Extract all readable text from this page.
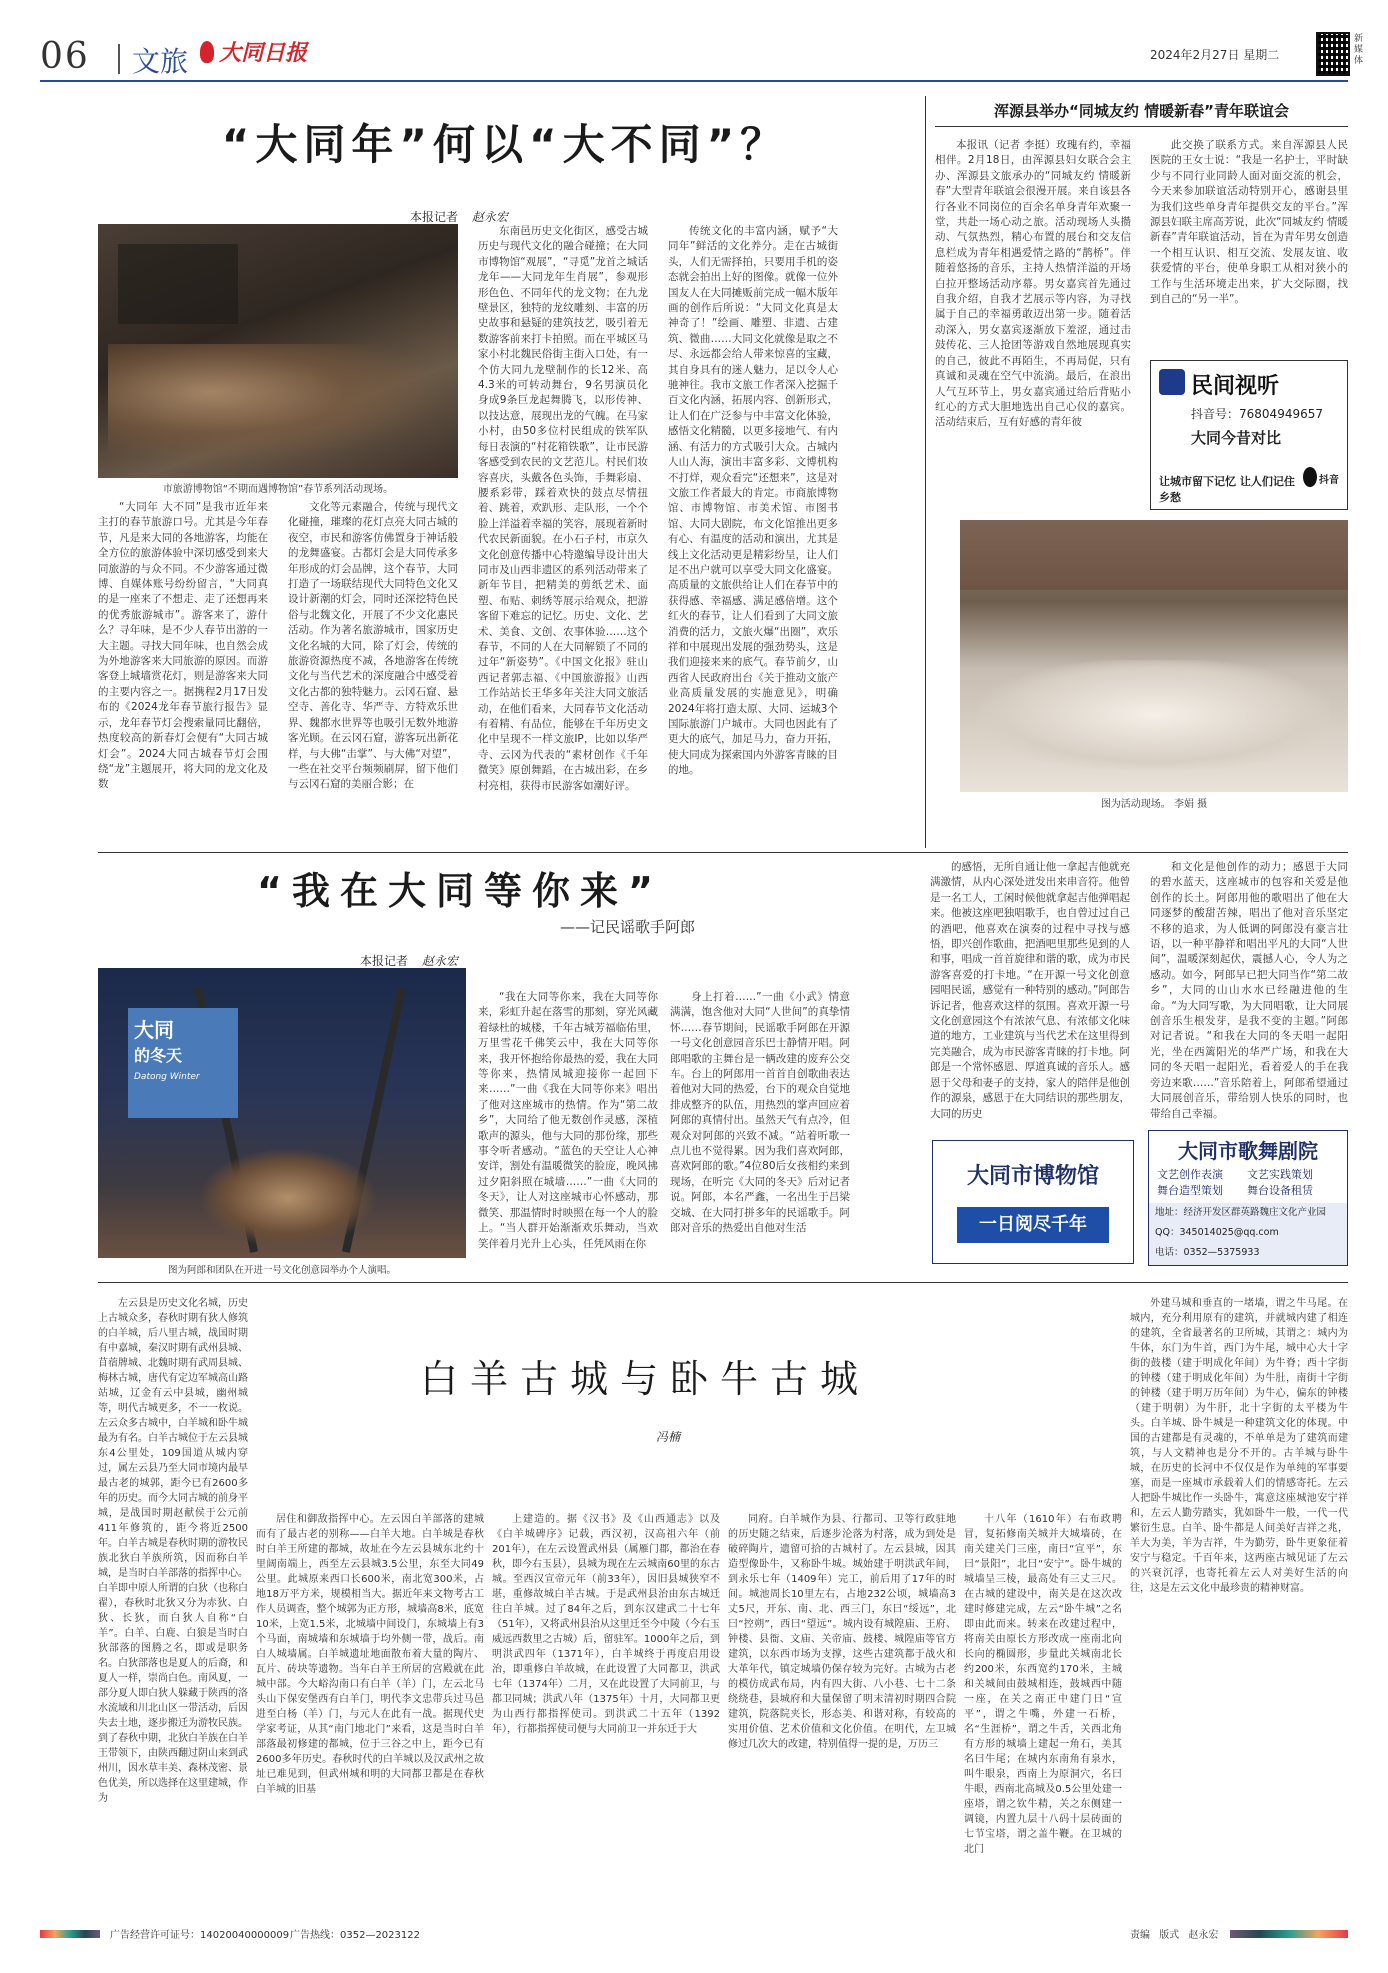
06 文旅	大同日报	2024年2月27日 星期二
新媒体
“大同年”何以“大不同”？
本报记者 赵永宏
市旅游博物馆“不期而遇博物馆”春节系列活动现场。

“大同年 大不同”是我市近年来主打的春节旅游口号。尤其是今年春节，凡是来大同的各地游客，均能在全方位的旅游体验中深切感受到来大同旅游的与众不同。不少游客通过微博、自媒体账号纷纷留言，“大同真的是一座来了不想走、走了还想再来的优秀旅游城市”。游客来了，游什么？寻年味，是不少人春节出游的一大主题。寻找大同年味，也自然会成为外地游客来大同旅游的原因。而游客登上城墙赏花灯，则是游客来大同的主要内容之一。据携程2月17日发布的《2024龙年春节旅行报告》显示，龙年春节灯会搜索量同比翻倍，热度较高的新春灯会便有“大同古城灯会”。2024大同古城春节灯会围绕“龙”主题展开，将大同的龙文化及数

文化等元素融合，传统与现代文化碰撞，璀璨的花灯点亮大同古城的夜空，市民和游客仿佛置身于神话般的龙舞盛宴。古都灯会是大同传承多年形成的灯会品牌，这个春节，大同打造了一场联结现代大同特色文化又设计新潮的灯会，同时还深挖特色民俗与北魏文化，开展了不少文化惠民活动。作为著名旅游城市，国家历史文化名城的大同，除了灯会，传统的旅游资源热度不减，各地游客在传统文化与当代艺术的深度融合中感受着文化古都的独特魅力。云冈石窟、悬空寺、善化寺、华严寺、方特欢乐世界、魏都水世界等也吸引无数外地游客光顾。在云冈石窟，游客玩出新花样，与大佛“击掌”、与大佛“对望”，一些在社交平台频频刷屏，留下他们与云冈石窟的美丽合影；在

东南邑历史文化街区，感受古城历史与现代文化的融合碰撞；在大同市博物馆“观展”，“寻觅”龙首之城话龙年——大同龙年生肖展”，参观形形色色、不同年代的龙文物；在九龙壁景区，独特的龙纹雕刻、丰富的历史故事和悬疑的建筑技艺，吸引着无数游客前来打卡拍照。而在平城区马家小村北魏民俗街主街入口处，有一个仿大同九龙壁制作的长12米、高4.3米的可转动舞台，9名男演员化身成9条巨龙起舞腾飞，以形传神、以技达意，展现出龙的气魄。在马家小村，由50多位村民组成的铁军队每日表演的“村花箱铁歌”，让市民游客感受到农民的文艺范儿。村民们妆容喜庆，头戴各色头饰，手舞彩扇、腰系彩带，踩着欢快的鼓点尽情扭着、跳着，欢趴形、走队形，一个个脸上洋溢着幸福的笑容，展现着新时代农民新面貌。在小石子村，市京久文化创意传播中心特邀编导设计出大同市及山西非遗区的系列活动带来了新年节目，把精美的剪纸艺术、面塑、布贴、刺绣等展示给观众，把游客留下难忘的记忆。历史、文化、艺术、美食、文创、农事体验……这个春节，不同的人在大同解锁了不同的过年“新姿势”。《中国文化报》驻山西记者郭志福、《中国旅游报》山西工作站站长王华多年关注大同文旅活动，在他们看来，大同春节文化活动有着精、有品位，能够在千年历史文化中呈现不一样文旅IP，比如以华严寺、云冈为代表的“素材创作《千年微笑》原创舞蹈，在古城出彩，在乡村亮相，获得市民游客如潮好评。

传统文化的丰富内涵，赋予“大同年”鲜活的文化养分。走在古城街头，人们无需择拍，只要用手机的姿态就会拍出上好的图像。就像一位外国友人在大同摊贩前完成一幅木版年画的创作后所说：“大同文化真是太神奇了！”绘画、雕塑、非遗、古建筑、微曲……大同文化就像是取之不尽、永远都会给人带来惊喜的宝藏，其自身具有的迷人魅力，足以令人心驰神往。我市文旅工作者深入挖掘千百文化内涵，拓展内容、创新形式，让人们在广泛参与中丰富文化体验，感悟文化精髓，以更多接地气、有内涵、有活力的方式吸引大众。古城内人山人海，演出丰富多彩、文博机构不打烊，观众看完“还想来”，这是对文旅工作者最大的肯定。市商旅博物馆、市博物馆、市美术馆、市图书馆、大同大剧院，布文化馆推出更多有心、有温度的活动和演出，尤其是线上文化活动更是精彩纷呈，让人们足不出户就可以享受大同文化盛宴。高质量的文旅供给让人们在春节中的获得感、幸福感、满足感倍增。这个红火的春节，让人们看到了大同文旅消费的活力，文旅火爆“出圈”，欢乐祥和中展现出发展的强劲势头，这是我们迎接来来的底气。春节前夕，山西省人民政府出台《关于推动文旅产业高质量发展的实施意见》，明确2024年将打造太原、大同、运城3个国际旅游门户城市。大同也因此有了更大的底气，加足马力，奋力开拓，使大同成为探索国内外游客青睐的目的地。

浑源县举办“同城友约 情暖新春”青年联谊会

本报讯（记者 李挺）玫瑰有约，幸福相伴。2月18日，由浑源县妇女联合会主办、浑源县文旅承办的“同城友约 情暖新春”大型青年联谊会很漫开展。来自该县各行各业不同岗位的百余名单身青年欢聚一堂，共赴一场心动之旅。活动现场人头攒动、气氛热烈，精心布置的展台和交友信息栏成为青年相遇爱情之路的“鹊桥”。伴随着悠扬的音乐，主持人热情洋溢的开场白拉开整场活动序幕。男女嘉宾首先通过自我介绍，自我才艺展示等内容，为寻找属于自己的幸福勇敢迈出第一步。随着活动深入，男女嘉宾逐渐放下羞涩，通过击鼓传花、三人抢团等游戏自然地展现真实的自己，彼此不再陌生，不再局促，只有真诚和灵魂在空气中流淌。最后，在浪出人气互环节上，男女嘉宾通过给后背贴小红心的方式大胆地选出自己心仪的嘉宾。活动结束后，互有好感的青年彼

此交换了联系方式。来自浑源县人民医院的王女士说：“我是一名护士，平时缺少与不同行业同龄人面对面交流的机会，今天来参加联谊活动特别开心，感谢县里为我们这些单身青年提供交友的平台。”浑源县妇联主席高芳说，此次“同城友约 情暖新春”青年联谊活动，旨在为青年男女创造一个相互认识、相互交流、发展友谊、收获爱情的平台，使单身职工从相对狭小的工作与生活环境走出来，扩大交际圈，找到自己的“另一半”。

民间视听
抖音号：76804949657
大同今昔对比
让城市留下记忆 让人们记住乡愁
抖音
图为活动现场。 李娟 摄
“我在大同等你来”
——记民谣歌手阿郎
本报记者 赵永宏
大同
的冬天
Datong Winter
图为阿郎和团队在开进一号文化创意园举办个人演唱。

“我在大同等你来，我在大同等你来，彩虹升起在落雪的那刻，穿光风藏着绿杜的城楼，千年古城芳福临佑里，万里雪花千佛笑云中，我在大同等你来，我开怀抱给你最热的爱，我在大同等你来，热情凤城迎接你一起回下来……”一曲《我在大同等你来》唱出了他对这座城市的热情。作为“第二故乡”，大同给了他无数创作灵感，深植歌声的源头，他与大同的那份缘，那些事令听者感动。“蓝色的天空让人心神安详，割处有温暖微笑的脸庞，晚风拂过夕阳斜照在城墙……”一曲《大同的冬天》，让人对这座城市心怀感动，那微笑、那温情时时映照在每一个人的脸上。“当人群开始渐渐欢乐舞动，当欢笑伴着月光升上心头，任凭风雨在你

身上打着……”一曲《小武》情意满满，饱含他对大同“人世间”的真挚情怀……春节期间，民谣歌手阿郎在开源一号文化创意园音乐巴士静情开唱。阿郎唱歌的主舞台是一辆改建的废弃公交车。台上的阿郎用一首首自创歌曲表达着他对大同的热爱，台下的观众自觉地排成整齐的队伍，用热烈的掌声回应着阿郎的真情付出。虽然天气有点冷，但观众对阿郎的兴致不减。“站着听歌一点儿也不觉得累。因为我们喜欢阿郎，喜欢阿郎的歌。”4位80后女孩相约来到现场，在听完《大同的冬天》后对记者说。阿郎，本名严鑫，一名出生于吕梁交城、在大同打拼多年的民谣歌手。阿郎对音乐的热爱出自他对生活

的感悟，无所自通让他一拿起吉他就充满激情，从内心深处迸发出来串音符。他曾是一名工人，工闲时候他就拿起吉他弹唱起来。他被这座吧独唱歌手，也自曾过过自己的酒吧，他喜欢在演奏的过程中寻找与感悟，即兴创作歌曲，把酒吧里那些见到的人和事，唱成一首首旋律和谐的歌，成为市民游客喜爱的打卡地。“在开源一号文化创意园唱民谣，感觉有一种特别的感动。”阿郎告诉记者，他喜欢这样的氛围。喜欢开源一号文化创意园这个有浓浓气息、有浓郁文化味道的地方，工业建筑与当代艺术在这里得到完美融合，成为市民游客青睐的打卡地。阿郎是一个常怀感恩、厚道真诚的音乐人。感恩于父母和妻子的支持，家人的陪伴是他创作的源泉，感恩于在大同结识的那些朋友，大同的历史

和文化是他创作的动力；感恩于大同的碧水蓝天，这座城市的包容和关爱是他创作的长土。阿郎用他的歌唱出了他在大同逐梦的酸甜苦辣，唱出了他对音乐坚定不移的追求，为人低调的阿郎没有豪言壮语，以一种平静祥和唱出平凡的大同“人世间”，温暖深刻起伏，震撼人心，令人为之感动。如今，阿郎早已把大同当作“第二故乡”，大同的山山水水已经融进他的生命。“为大同写歌，为大同唱歌，让大同展创音乐生根发芽，是我不变的主题。”阿郎对记者说。“和我在大同的冬天唱一起阳光，坐在西篱阳光的华严广场，和我在大同的冬天唱一起阳光，看着爱人的手在我旁边来歌……”音乐陪着上，阿郎希望通过大同展创音乐，带给别人快乐的同时，也带给自己幸福。

大同市博物馆
一日阅尽千年
大同市歌舞剧院
文艺创作表演 文艺实践策划
舞台造型策划 舞台设备租赁
地址：经济开发区群英路魏庄文化产业园
QQ：345014025@qq.com
电话：0352—5375933
白羊古城与卧牛古城
冯楠

左云县是历史文化名城，历史上古城众多，春秋时期有狄人修筑的白羊城，后八里古城，战国时期有中嘉城，秦汉时期有武州县城、苜蓿牌城、北魏时期有武周县城、梅林古城，唐代有定边军城高山路站城，辽金有云中县城，幽州城等，明代古城更多，不一一枚说。左云众多古城中，白羊城和卧牛城最为有名。白羊古城位于左云县城东4公里处，109国道从城内穿过，属左云县乃至大同市境内最早最古老的城郭，距今已有2600多年的历史。而今大同古城的前身平城，是战国时期赵献侯于公元前411年修筑的，距今将近2500年。白羊古城是春秋时期的游牧民族北狄白羊族所筑，因而称白羊城，是当时白羊部落的指挥中心。白羊即中原人所谓的白狄（也称白翟），春秋时北狄又分为赤狄、白狄、长狄，而白狄人自称“白羊”。白羊、白鹿、白狼是当时白狄部落的图腾之名，即或是职务名。白狄部落也是夏人的后裔，和夏人一样，崇尚白色。南风夏，一部分夏人即白狄人躲藏于陕西的洛水流域和川北山区一带活动，后因失去土地，逐步搬迁为游牧民族。到了春秋中期，北狄白羊族在白羊王带领下，由陕西翻过阴山来到武州川，因水草丰美、森林茂密、景色优美，所以选择在这里建城，作为

居住和御敌指挥中心。左云因白羊部落的建城而有了最古老的别称——白羊大地。白羊城是春秋时白羊王所建的都城，故址在今左云县城东北约十里阔南端上，西至左云县城3.5公里，东至大同49公里。此城原来西口长600米，南北宽300米，占地18万平方米，规模相当大。据近年来文物考古工作人员调查，整个城郭为正方形，城墙高8米，底宽10米，上宽1.5米，北城墙中间设门，东城墙上有3个马面，南城墙和东城墙于均外侧一带，战后。南白人城墙属。白羊城遗址地面散布着大量的陶片、瓦片、砖块等遗物。当年白羊王所居的宫殿就在此城中部。今大峪沟南口有白羊（羊）门，左云北马头山下保安堡西有白羊门，明代李文忠带兵过马邑进至白杨（羊）门，与元人在此有一战。据现代史学家考证，从其“南门地北门”来看，这是当时白羊部落最初修建的都城，位于三谷之中上，距今已有2600多年历史。春秋时代的白羊城以及汉武州之故址已难见到，但武州城和明的大同都卫都是在春秋白羊城的旧基

上建造的。据《汉书》及《山西通志》以及《白羊城碑序》记载，西汉初，汉高祖六年（前201年），在左云设置武州县（属雁门郡，都治在春秋，即今右玉县），县城为现在左云城南60里的东古城。至西汉宣帝元年（前33年），因旧县城狭窄不堪，重修故城白羊古城。于是武州县治由东古城迁往白羊城。过了84年之后，到东汉建武二十七年（51年），又将武州县治从这里迁至今中陵（今右玉威远西数里之古城）后，留驻军。1000年之后，到明洪武四年（1371年），白羊城终于再度启用设治，即重修白羊故城，在此设置了大同都卫，洪武七年（1374年）二月，又在此设置了大同前卫，与都卫同城；洪武八年（1375年）十月，大同都卫更为山西行都指挥使司。到洪武二十五年（1392年），行都指挥使司便与大同前卫一并东迁于大

同府。白羊城作为县、行都司、卫等行政驻地的历史随之结束，后逐步沦落为村落，成为到处是破碎陶片，遗留可拾的古城村了。左云县城，因其造型像卧牛，又称卧牛城。城始建于明洪武年间，到永乐七年（1409年）完工，前后用了17年的时间。城池周长10里左右，占地232公顷，城墙高3丈5尺，开东、南、北、西三门，东曰“绥远”，北曰“控朔”，西曰“望远”。城内设有城隍庙、王府、钟楼、县衙、文庙、关帝庙、鼓楼、城隍庙等官方建筑，以东西市场为支撑，这些古建筑都于战火和大革年代，镇定城墙仍保存较为完好。古城为古老的模仿成武布局，内有四大街、八小巷、七十二条绕绕巷，县城府和大量保留了明末清初时期四合院建筑，院落院夹长，形态美、和谐对称，有较高的实用价值、艺术价值和文化价值。在明代，左卫城修过几次大的改建，特别值得一提的是，万历三

十八年（1610年）右布政聘冒，复拓修南关城并大城墙砖，在南关建关门三座，南曰“宣平”，东曰“景阳”，北曰“安宁”。卧牛城的城墙呈三棱，最高处有三丈三尺。在古城的建设中，南关是在这次改建时修建完成，左云“卧牛城”之名即由此而来。转来在改建过程中，将南关由原长方形改成一座南北向长向的椭圆形，步量此关城南北长约200米，东西宽约170米，主城和关城间由鼓城相连，鼓城西中随一座，在关之南正中建门日“宣平”，谓之牛嘴，外建一石桥，名“生涯桥”，谓之牛舌，关西北角有方形的城墙上建起一角石，美其名曰牛尾；在城内东南角有泉水，叫牛眼泉，西南上为原洞穴，名曰牛眼，西南北高城及0.5公里处建一座塔，谓之钦牛精，关之东侧建一调镜，内置九层十八码十层砖面的七节宝塔，谓之盖牛鞭。在卫城的北门

外建马城和垂直的一堵墙，谓之牛马尾。在城内，充分利用原有的建筑，并就城内建了相连的建筑，全省最著名的卫所城，其谓之：城内为牛体，东门为牛首，西门为牛尾，城中心大十字街的鼓楼（建于明成化年间）为牛脊；西十字街的钟楼（建于明成化年间）为牛肚，南街十字街的钟楼（建于明万历年间）为牛心，偏东的钟楼（建于明朝）为牛肝，北十字街的太平楼为牛头。白羊城、卧牛城是一种建筑文化的体现。中国的古建都是有灵魂的，不单单是为了建筑而建筑，与人文精神也是分不开的。古羊城与卧牛城，在历史的长河中不仅仅是作为单纯的军事要塞，而是一座城市承载着人们的情感寄托。左云人把卧牛城比作一头卧牛，寓意这座城池安宁祥和，左云人勤劳踏实，犹如卧牛一般，一代一代繁衍生息。白羊、卧牛都是人间美好吉祥之兆，羊大为美，羊为吉祥，牛为勤劳，卧牛更象征着安宁与稳定。千百年来，这两座古城见证了左云的兴衰沉浮，也寄托着左云人对美好生活的向往，这是左云文化中最珍贵的精神财富。

广告经营许可证号：14020040000009 广告热线：0352—2023122	责编 版式 赵永宏
